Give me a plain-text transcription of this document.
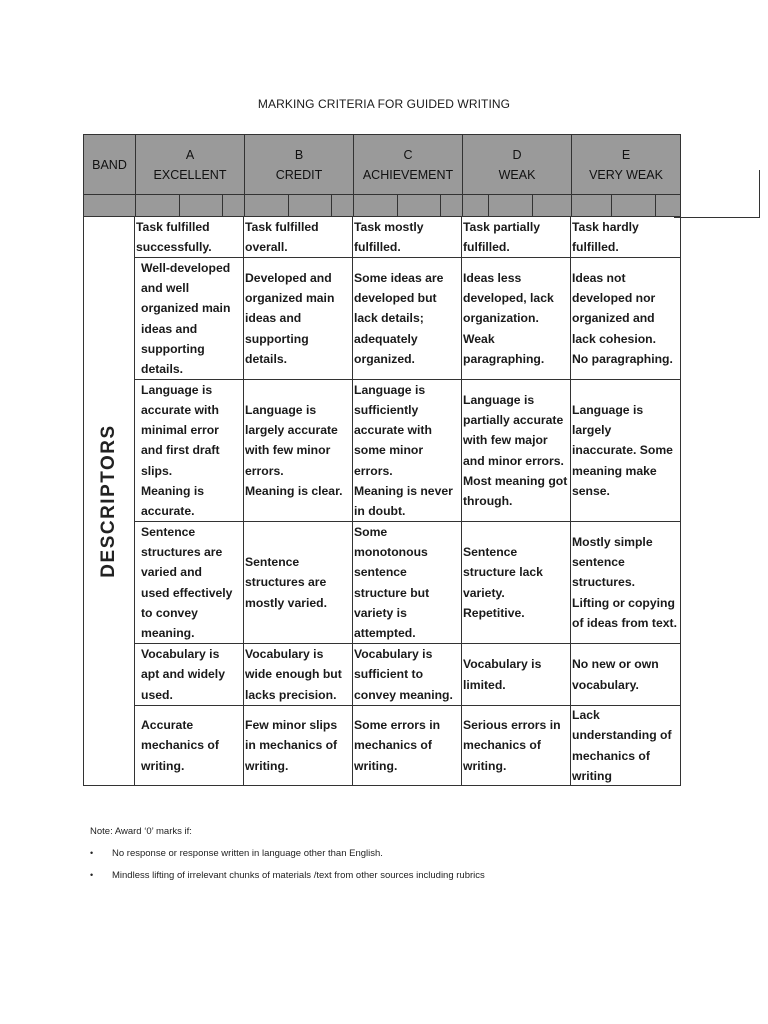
MARKING CRITERIA FOR GUIDED WRITING
BAND
A
EXCELLENT
B
CREDIT
C
ACHIEVEMENT
D
WEAK
E
VERY WEAK
DESCRIPTORS
Task fulfilled
successfully.
Task fulfilled
overall.
Task mostly
fulfilled.
Task partially
fulfilled.
Task hardly
fulfilled.
Well-developed
and well
organized main
ideas and
supporting
details.
Developed and
organized main
ideas and
supporting
details.
Some ideas are
developed but
lack details;
adequately
organized.
Ideas less
developed, lack
organization.
Weak
paragraphing.
Ideas not
developed nor
organized and
lack cohesion.
No paragraphing.
Language is
accurate with
minimal error
and first draft
slips.
Meaning is
accurate.
Language is
largely accurate
with few minor
errors.
Meaning is clear.
Language is
sufficiently
accurate with
some minor
errors.
Meaning is never
in doubt.
Language is
partially accurate
with few major
and minor errors.
Most meaning got
through.
Language is
largely
inaccurate. Some
meaning make
sense.
Sentence
structures are
varied and
used effectively
to convey
meaning.
Sentence
structures are
mostly varied.
Some
monotonous
sentence
structure but
variety is
attempted.
Sentence
structure lack
variety.
Repetitive.
Mostly simple
sentence
structures.
Lifting or copying
of ideas from text.
Vocabulary is
apt and widely
used.
Vocabulary is
wide enough but
lacks precision.
Vocabulary is
sufficient to
convey meaning.
Vocabulary is
limited.
No new or own
vocabulary.
Accurate
mechanics of
writing.
Few minor slips
in mechanics of
writing.
Some errors in
mechanics of
writing.
Serious errors in
mechanics of
writing.
Lack
understanding of
mechanics of
writing
Note: Award ‘0’ marks if:
•	No response or response written in language other than English.
•	Mindless lifting of irrelevant chunks of materials /text from other sources including rubrics
